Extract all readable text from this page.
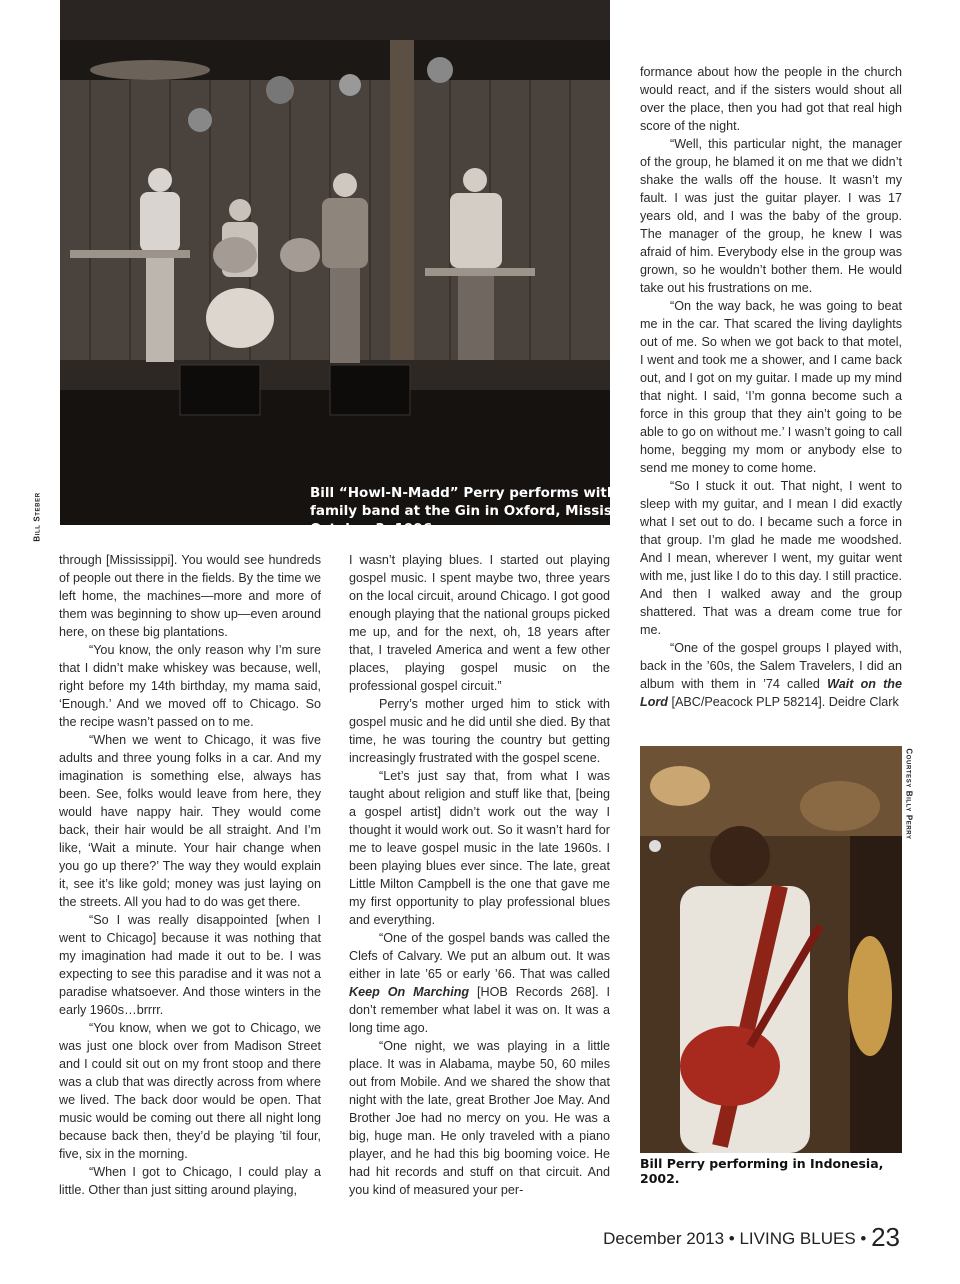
Bill “Howl-N-Madd” Perry performs with his family band at the Gin in Oxford, Mississippi, October 3, 1996.
Bill Steber

through [Mississippi]. You would see hundreds of people out there in the fields. By the time we left home, the machines—more and more of them was beginning to show up—even around here, on these big plantations.

“You know, the only reason why I’m sure that I didn’t make whiskey was because, well, right before my 14th birthday, my mama said, ‘Enough.’ And we moved off to Chicago. So the recipe wasn’t passed on to me.

“When we went to Chicago, it was five adults and three young folks in a car. And my imagination is something else, always has been. See, folks would leave from here, they would have nappy hair. They would come back, their hair would be all straight. And I’m like, ‘Wait a minute. Your hair change when you go up there?’ The way they would explain it, see it’s like gold; money was just laying on the streets. All you had to do was get there.

“So I was really disappointed [when I went to Chicago] because it was nothing that my imagination had made it out to be. I was expecting to see this paradise and it was not a paradise whatsoever. And those winters in the early 1960s…brrrr.

“You know, when we got to Chicago, we was just one block over from Madison Street and I could sit out on my front stoop and there was a club that was directly across from where we lived. The back door would be open. That music would be coming out there all night long because back then, they’d be playing ’til four, five, six in the morning.

“When I got to Chicago, I could play a little. Other than just sitting around playing,

I wasn’t playing blues. I started out playing gospel music. I spent maybe two, three years on the local circuit, around Chicago. I got good enough playing that the national groups picked me up, and for the next, oh, 18 years after that, I traveled America and went a few other places, playing gospel music on the professional gospel circuit.”

Perry’s mother urged him to stick with gospel music and he did until she died. By that time, he was touring the country but getting increasingly frustrated with the gospel scene.

“Let’s just say that, from what I was taught about religion and stuff like that, [being a gospel artist] didn’t work out the way I thought it would work out. So it wasn’t hard for me to leave gospel music in the late 1960s. I been playing blues ever since. The late, great Little Milton Campbell is the one that gave me my first opportunity to play professional blues and everything.

“One of the gospel bands was called the Clefs of Calvary. We put an album out. It was either in late ’65 or early ’66. That was called Keep On Marching [HOB Records 268]. I don’t remember what label it was on. It was a long time ago.

“One night, we was playing in a little place. It was in Alabama, maybe 50, 60 miles out from Mobile. And we shared the show that night with the late, great Brother Joe May. And Brother Joe had no mercy on you. He was a big, huge man. He only traveled with a piano player, and he had this big booming voice. He had hit records and stuff on that circuit. And you kind of measured your per-

formance about how the people in the church would react, and if the sisters would shout all over the place, then you had got that real high score of the night.

“Well, this particular night, the manager of the group, he blamed it on me that we didn’t shake the walls off the house. It wasn’t my fault. I was just the guitar player. I was 17 years old, and I was the baby of the group. The manager of the group, he knew I was afraid of him. Everybody else in the group was grown, so he wouldn’t bother them. He would take out his frustrations on me.

“On the way back, he was going to beat me in the car. That scared the living daylights out of me. So when we got back to that motel, I went and took me a shower, and I came back out, and I got on my guitar. I made up my mind that night. I said, ‘I’m gonna become such a force in this group that they ain’t going to be able to go on without me.’ I wasn’t going to call home, begging my mom or anybody else to send me money to come home.

“So I stuck it out. That night, I went to sleep with my guitar, and I mean I did exactly what I set out to do. I became such a force in that group. I’m glad he made me woodshed. And I mean, wherever I went, my guitar went with me, just like I do to this day. I still practice. And then I walked away and the group shattered. That was a dream come true for me.

“One of the gospel groups I played with, back in the ’60s, the Salem Travelers, I did an album with them in ’74 called Wait on the Lord [ABC/Peacock PLP 58214]. Deidre Clark

Courtesy Billy Perry
Bill Perry performing in Indonesia, 2002.
December 2013 • LIVING BLUES • 23
